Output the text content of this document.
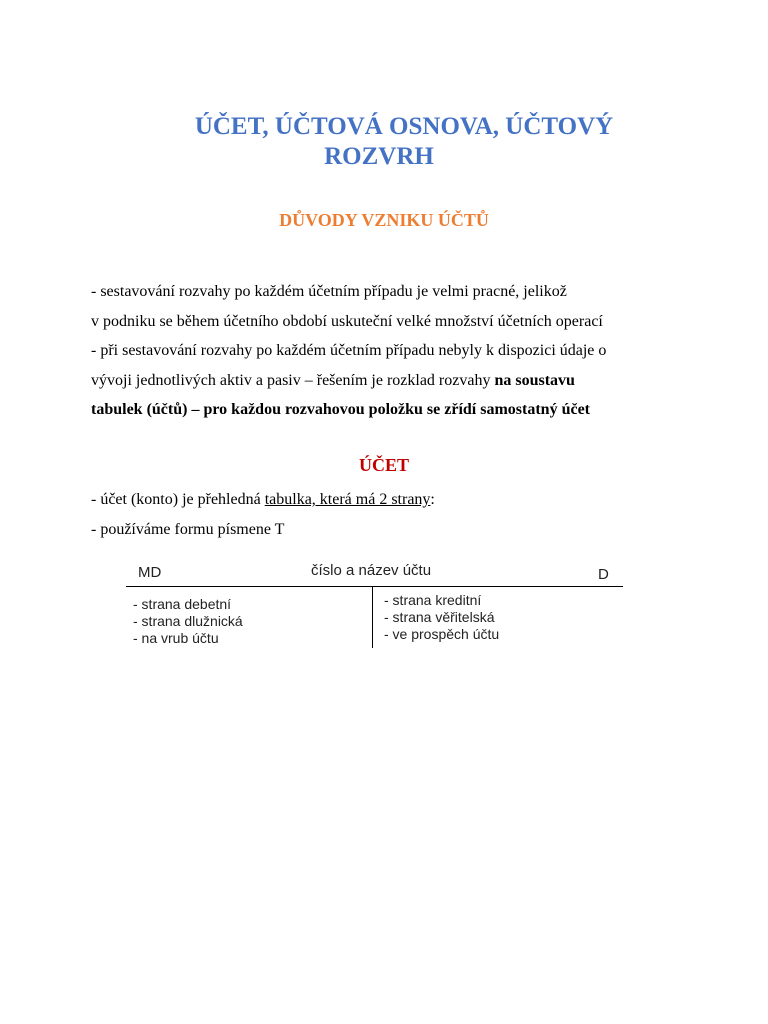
ÚČET, ÚČTOVÁ OSNOVA, ÚČTOVÝ
ROZVRH
DŮVODY VZNIKU ÚČTŮ

- sestavování rozvahy po každém účetním případu je velmi pracné, jelikož

v podniku se během účetního období uskuteční velké množství účetních operací

- při sestavování rozvahy po každém účetním případu nebyly k dispozici údaje o

vývoji jednotlivých aktiv a pasiv – řešením je rozklad rozvahy na soustavu

tabulek (účtů) – pro každou rozvahovou položku se zřídí samostatný účet

ÚČET

- účet (konto) je přehledná tabulka, která má 2 strany:

- používáme formu písmene T

MD	číslo a název účtu	D
- strana debetní
- strana dlužnická
- na vrub účtu
- strana kreditní
- strana věřitelská
- ve prospěch účtu
